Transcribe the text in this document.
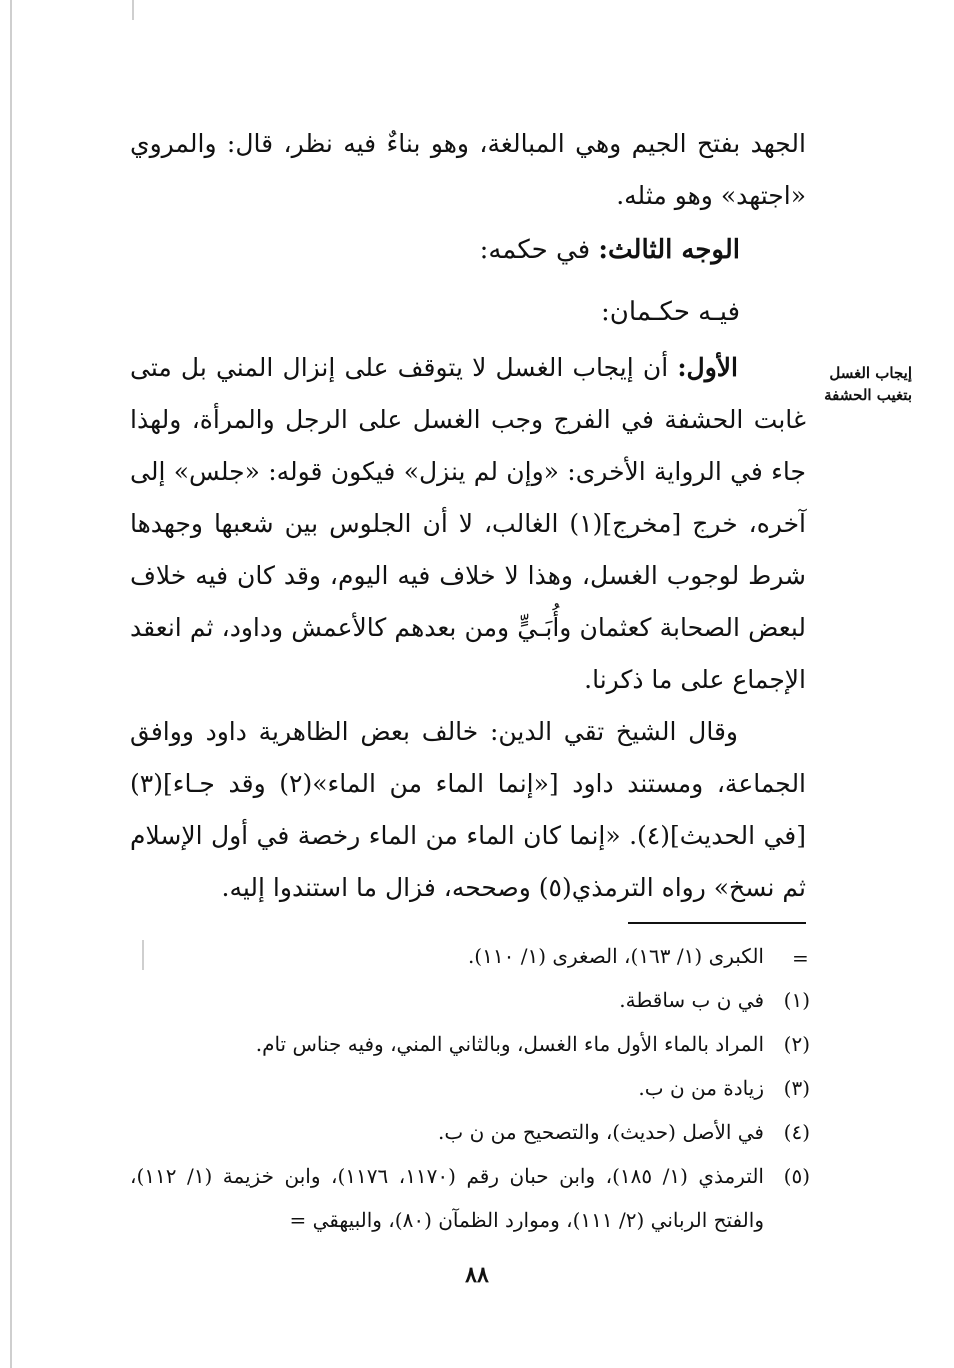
الجهد بفتح الجيم وهي المبالغة، وهو بناءٌ فيه نظر، قال: والمروي «اجتهد» وهو مثله.

الوجه الثالث: في حكمه:
فيـه حكـمان:
إيجاب الغسل بتغيب الحشفة

الأول: أن إيجاب الغسل لا يتوقف على إنزال المني بل متى غابت الحشفة في الفرج وجب الغسل على الرجل والمرأة، ولهذا جاء في الرواية الأخرى: «وإن لم ينزل» فيكون قوله: «جلس» إلى آخره، خرج [مخرج](١) الغالب، لا أن الجلوس بين شعبها وجهدها شرط لوجوب الغسل، وهذا لا خلاف فيه اليوم، وقد كان فيه خلاف لبعض الصحابة كعثمان وأُبَـيٍّ ومن بعدهم كالأعمش وداود، ثم انعقد الإجماع على ما ذكرنا.

وقال الشيخ تقي الدين: خالف بعض الظاهرية داود ووافق الجماعة، ومستند داود [«إنما الماء من الماء»(٢) وقد جـاء](٣) [في الحديث](٤). «إنما كان الماء من الماء رخصة في أول الإسلام ثم نسخ» رواه الترمذي(٥) وصححه، فزال ما استندوا إليه.

=
الكبرى (١/ ١٦٣)، الصغرى (١/ ١١٠).
(١)
في ن ب ساقطة.
(٢)
المراد بالماء الأول ماء الغسل، وبالثاني المني، وفيه جناس تام.
(٣)
زيادة من ن ب.
(٤)
في الأصل (حديث)، والتصحيح من ن ب.
(٥)
الترمذي (١/ ١٨٥)، وابن حبان رقم (١١٧٠، ١١٧٦)، وابن خزيمة (١/ ١١٢)، والفتح الرباني (٢/ ١١١)، وموارد الظمآن (٨٠)، والبيهقي =
٨٨
